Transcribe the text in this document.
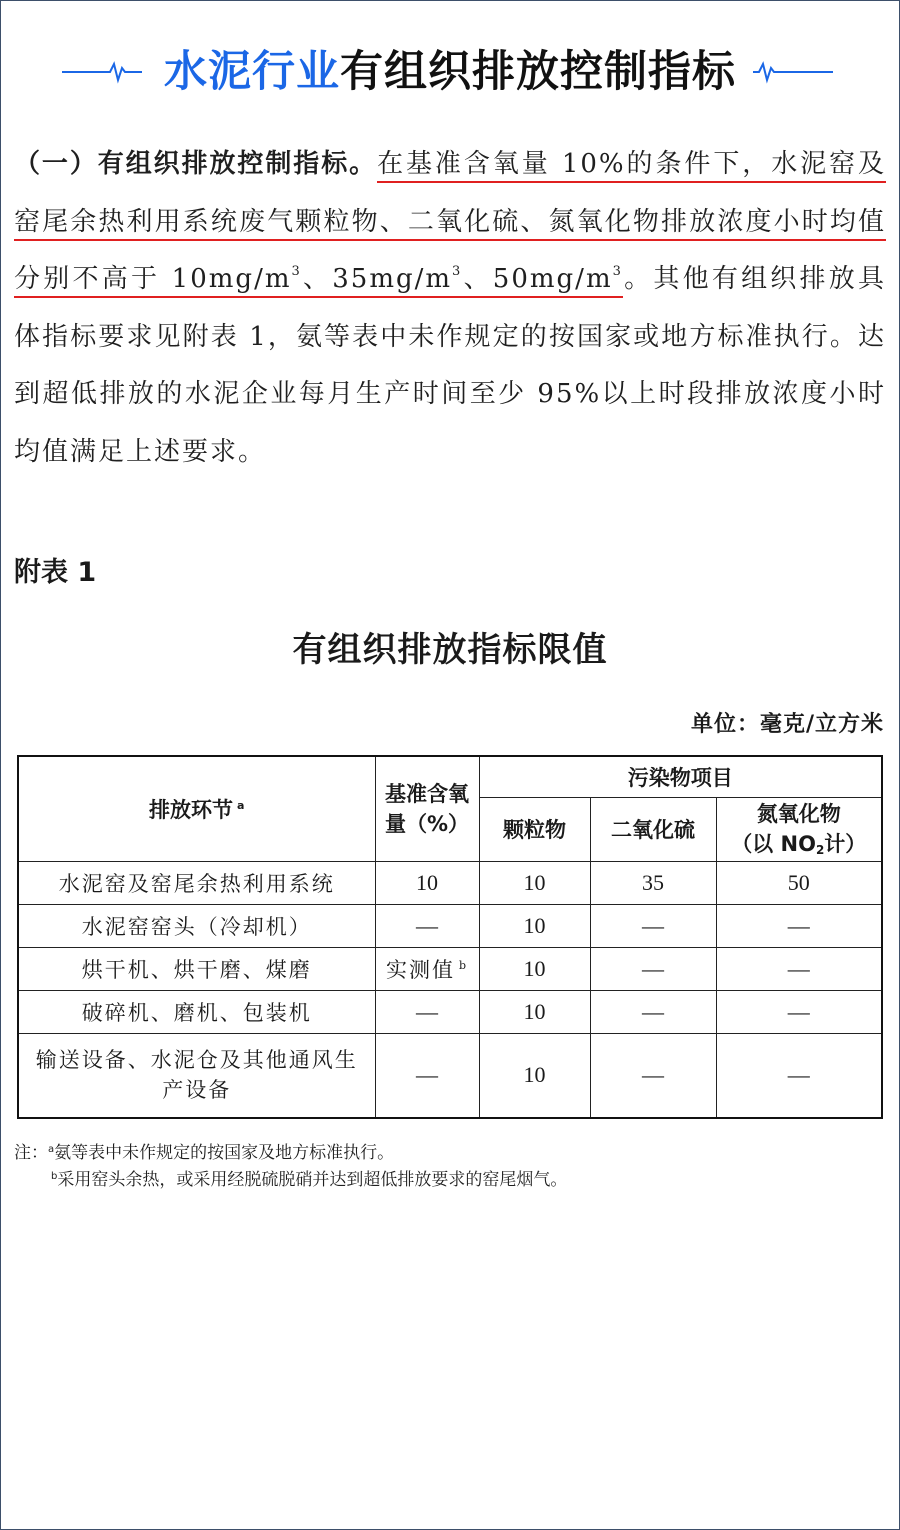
水泥行业有组织排放控制指标
（一）有组织排放控制指标。在基准含氧量 10%的条件下，水泥窑及窑尾余热利用系统废气颗粒物、二氧化硫、氮氧化物排放浓度小时均值分别不高于 $10mg/m^3$、$35mg/m^3$、$50mg/m^3$。其他有组织排放具体指标要求见附表 1，氨等表中未作规定的按国家或地方标准执行。达到超低排放的水泥企业每月生产时间至少 95%以上时段排放浓度小时均值满足上述要求。
附表 1
有组织排放指标限值
单位：毫克/立方米
排放环节 $^a$	基准含氧量（%）	污染物项目		
		颗粒物	二氧化硫	氮氧化物
（以 $NO_2$计）

水泥窑及窑尾余热利用系统	10	10	35	50
水泥窑窑头（冷却机）	—	10	—	—
烘干机、烘干磨、煤磨	实测值 $^b$	10	—	—
破碎机、磨机、包装机	—	10	—	—

输送设备、水泥仓及其他通风生
产设备	—	10	—	—
注：$^a$氨等表中未作规定的按国家及地方标准执行。
$^b$采用窑头余热，或采用经脱硫脱硝并达到超低排放要求的窑尾烟气。
